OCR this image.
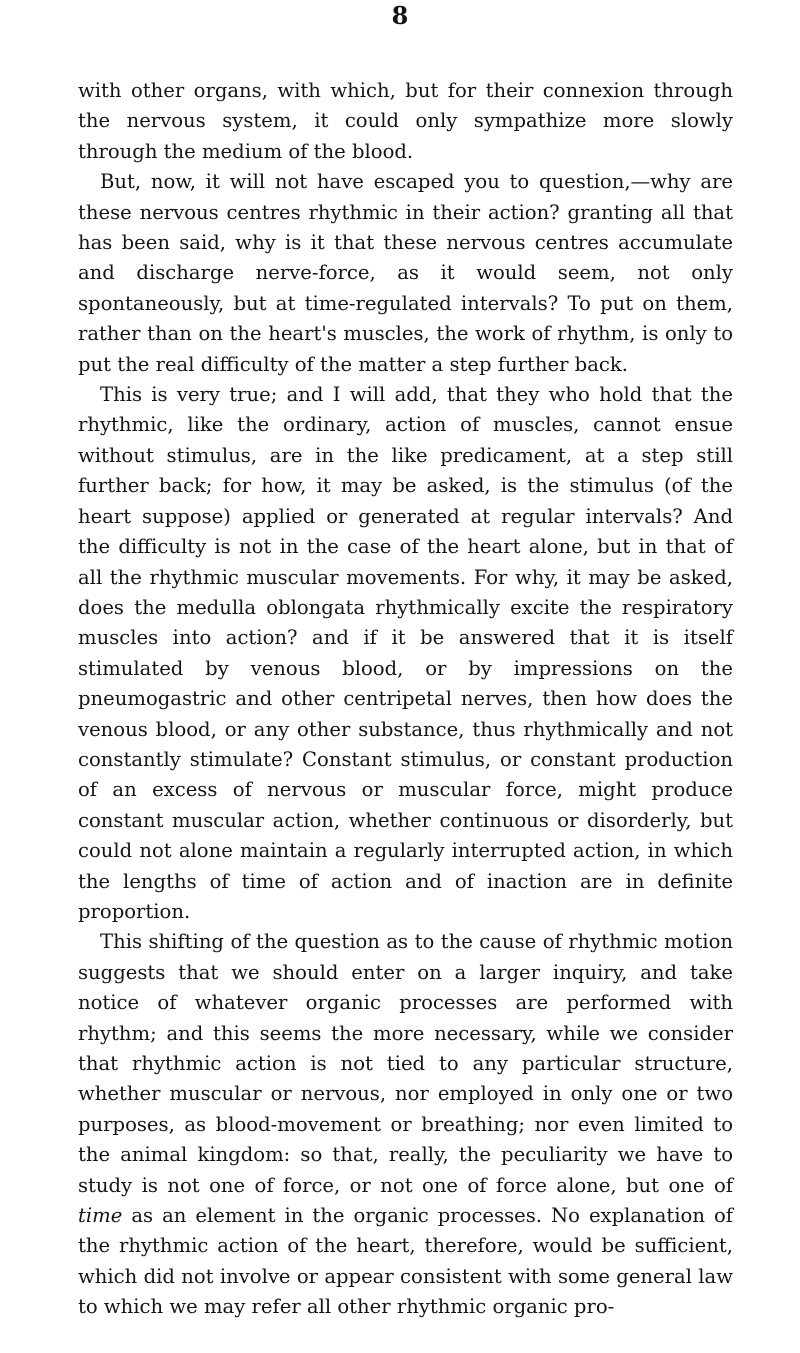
8

with other organs, with which, but for their connexion through the nervous system, it could only sympathize more slowly through the medium of the blood.

But, now, it will not have escaped you to question,—why are these nervous centres rhythmic in their action? granting all that has been said, why is it that these nervous centres accumulate and discharge nerve-force, as it would seem, not only spontaneously, but at time-regulated intervals? To put on them, rather than on the heart's muscles, the work of rhythm, is only to put the real difficulty of the matter a step further back.

This is very true; and I will add, that they who hold that the rhythmic, like the ordinary, action of muscles, cannot ensue without stimulus, are in the like predicament, at a step still further back; for how, it may be asked, is the stimulus (of the heart suppose) applied or generated at regular intervals? And the difficulty is not in the case of the heart alone, but in that of all the rhythmic muscular movements. For why, it may be asked, does the medulla oblongata rhythmically excite the respiratory muscles into action? and if it be answered that it is itself stimulated by venous blood, or by impressions on the pneumogastric and other centripetal nerves, then how does the venous blood, or any other substance, thus rhythmically and not constantly stimulate? Constant stimulus, or constant production of an excess of nervous or muscular force, might produce constant muscular action, whether continuous or disorderly, but could not alone maintain a regularly interrupted action, in which the lengths of time of action and of inaction are in definite proportion.

This shifting of the question as to the cause of rhythmic motion suggests that we should enter on a larger inquiry, and take notice of whatever organic processes are performed with rhythm; and this seems the more necessary, while we consider that rhythmic action is not tied to any particular structure, whether muscular or nervous, nor employed in only one or two purposes, as blood-movement or breathing; nor even limited to the animal kingdom: so that, really, the peculiarity we have to study is not one of force, or not one of force alone, but one of time as an element in the organic processes. No explanation of the rhythmic action of the heart, therefore, would be sufficient, which did not involve or appear consistent with some general law to which we may refer all other rhythmic organic pro-
